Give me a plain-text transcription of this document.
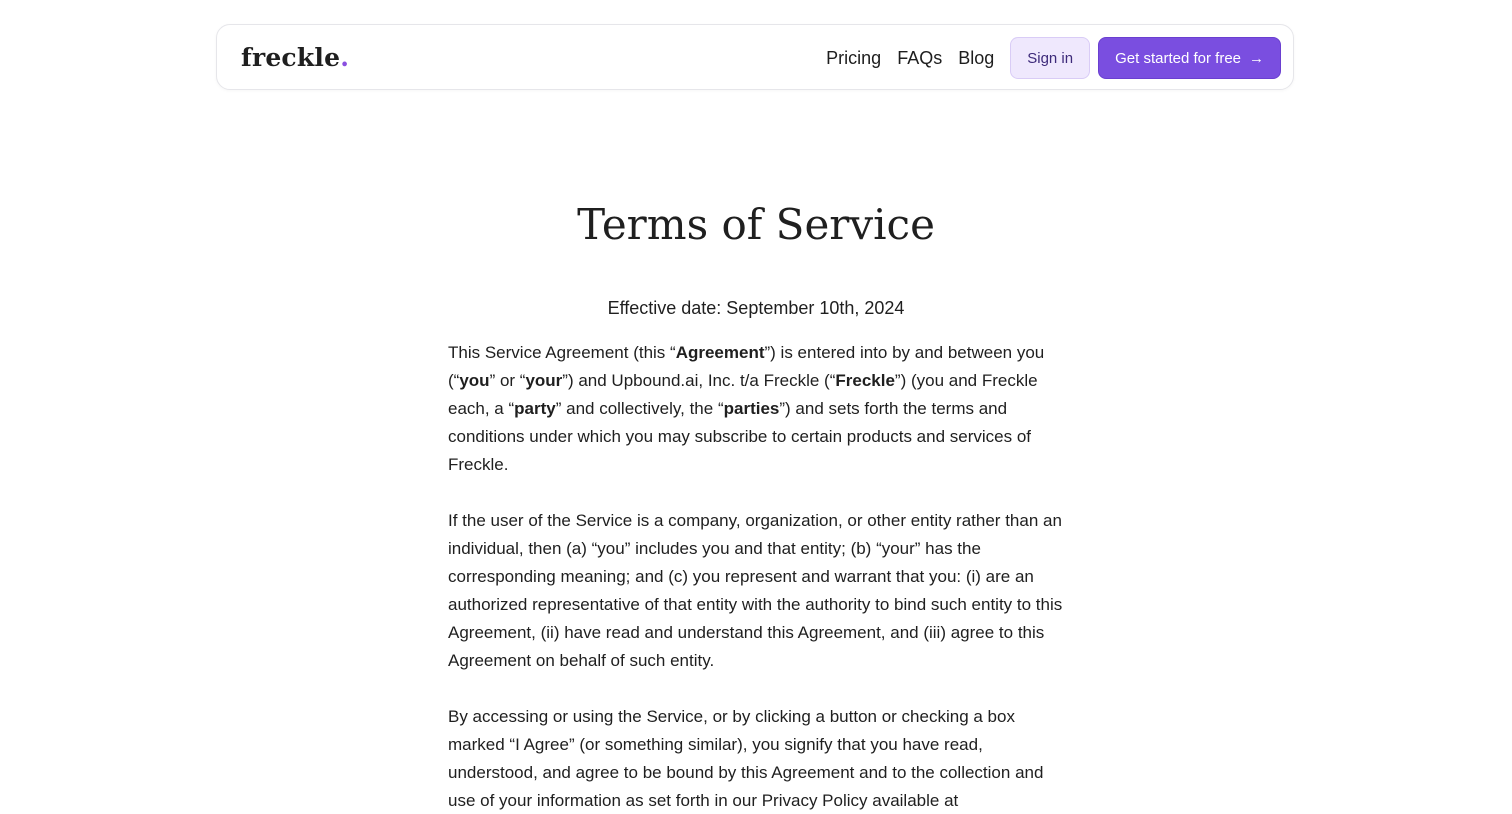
freckle.	Pricing FAQs Blog Sign in	Get started for free →
Terms of Service
Effective date: September 10th, 2024

This Service Agreement (this “Agreement”) is entered into by and between you (“you” or “your”) and Upbound.ai, Inc. t/a Freckle (“Freckle”) (you and Freckle each, a “party” and collectively, the “parties”) and sets forth the terms and conditions under which you may subscribe to certain products and services of Freckle.

If the user of the Service is a company, organization, or other entity rather than an individual, then (a) “you” includes you and that entity; (b) “your” has the corresponding meaning; and (c) you represent and warrant that you: (i) are an authorized representative of that entity with the authority to bind such entity to this Agreement, (ii) have read and understand this Agreement, and (iii) agree to this Agreement on behalf of such entity.

By accessing or using the Service, or by clicking a button or checking a box marked “I Agree” (or something similar), you signify that you have read, understood, and agree to be bound by this Agreement and to the collection and use of your information as set forth in our Privacy Policy available at
